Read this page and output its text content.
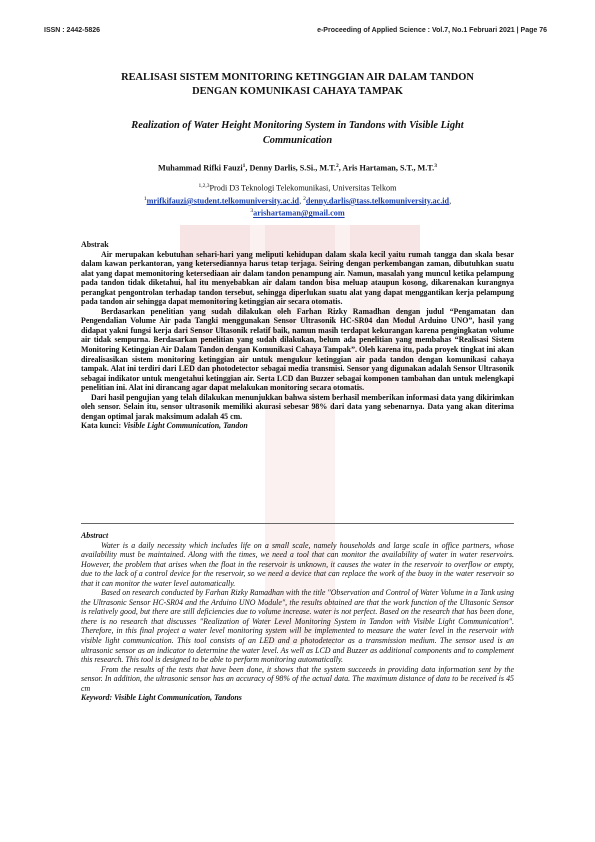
ISSN : 2442-5826	e-Proceeding of Applied Science : Vol.7, No.1 Februari 2021 | Page 76
REALISASI SISTEM MONITORING KETINGGIAN AIR DALAM TANDON
DENGAN KOMUNIKASI CAHAYA TAMPAK
Realization of Water Height Monitoring System in Tandons with Visible Light
Communication
Muhammad Rifki Fauzi$^1$, Denny Darlis, S.Si., M.T.$^2$, Aris Hartaman, S.T., M.T.$^3$
$^{1,2,3}$Prodi D3 Teknologi Telekomunikasi, Universitas Telkom
$^1$mrifkifauzi@student.telkomuniversity.ac.id, $^2$denny.darlis@tass.telkomuniversity.ac.id,
$^3$arishartaman@gmail.com

Abstrak

Air merupakan kebutuhan sehari-hari yang meliputi kehidupan dalam skala kecil yaitu rumah tangga dan skala besar dalam kawan perkantoran, yang ketersediannya harus tetap terjaga. Seiring dengan perkembangan zaman, dibutuhkan suatu alat yang dapat memonitoring ketersediaan air dalam tandon penampung air. Namun, masalah yang muncul ketika pelampung pada tandon tidak diketahui, hal itu menyebabkan air dalam tandon bisa meluap ataupun kosong, dikarenakan kurangnya perangkat pengontrolan terhadap tandon tersebut, sehingga diperlukan suatu alat yang dapat menggantikan kerja pelampung pada tandon air sehingga dapat memonitoring ketinggian air secara otomatis.

Berdasarkan penelitian yang sudah dilakukan oleh Farhan Rizky Ramadhan dengan judul “Pengamatan dan Pengendalian Volume Air pada Tangki menggunakan Sensor Ultrasonik HC-SR04 dan Modul Arduino UNO”, hasil yang didapat yakni fungsi kerja dari Sensor Ultasonik relatif baik, namun masih terdapat kekurangan karena pengingkatan volume air tidak sempurna. Berdasarkan penelitian yang sudah dilakukan, belum ada penelitian yang membahas “Realisasi Sistem Monitoring Ketinggian Air Dalam Tandon dengan Komunikasi Cahaya Tampak”. Oleh karena itu, pada proyek tingkat ini akan direalisasikan sistem monitoring ketinggian air untuk mengukur ketinggian air pada tandon dengan komunikasi cahaya tampak. Alat ini terdiri dari LED dan photodetector sebagai media transmisi. Sensor yang digunakan adalah Sensor Ultrasonik sebagai indikator untuk mengetahui ketinggian air. Serta LCD dan Buzzer sebagai komponen tambahan dan untuk melengkapi penelitian ini. Alat ini dirancang agar dapat melakukan monitoring secara otomatis.

Dari hasil pengujian yang telah dilakukan menunjukkan bahwa sistem berhasil memberikan informasi data yang dikirimkan oleh sensor. Selain itu, sensor ultrasonik memiliki akurasi sebesar 98% dari data yang sebenarnya. Data yang akan diterima dengan optimal jarak maksimum adalah 45 cm.

Kata kunci: Visible Light Communication, Tandon

Abstract

Water is a daily necessity which includes life on a small scale, namely households and large scale in office partners, whose availability must be maintained. Along with the times, we need a tool that can monitor the availability of water in water reservoirs. However, the problem that arises when the float in the reservoir is unknown, it causes the water in the reservoir to overflow or empty, due to the lack of a control device for the reservoir, so we need a device that can replace the work of the buoy in the water reservoir so that it can monitor the water level automatically.

Based on research conducted by Farhan Rizky Ramadhan with the title "Observation and Control of Water Volume in a Tank using the Ultrasonic Sensor HC-SR04 and the Arduino UNO Module", the results obtained are that the work function of the Ultasonic Sensor is relatively good, but there are still deficiencies due to volume increase. water is not perfect. Based on the research that has been done, there is no research that discusses "Realization of Water Level Monitoring System in Tandon with Visible Light Communication". Therefore, in this final project a water level monitoring system will be implemented to measure the water level in the reservoir with visible light communication. This tool consists of an LED and a photodetector as a transmission medium. The sensor used is an ultrasonic sensor as an indicator to determine the water level. As well as LCD and Buzzer as additional components and to complement this research. This tool is designed to be able to perform monitoring automatically.

From the results of the tests that have been done, it shows that the system succeeds in providing data information sent by the sensor. In addition, the ultrasonic sensor has an accuracy of 98% of the actual data. The maximum distance of data to be received is 45 cm

Keyword: Visible Light Communication, Tandons
